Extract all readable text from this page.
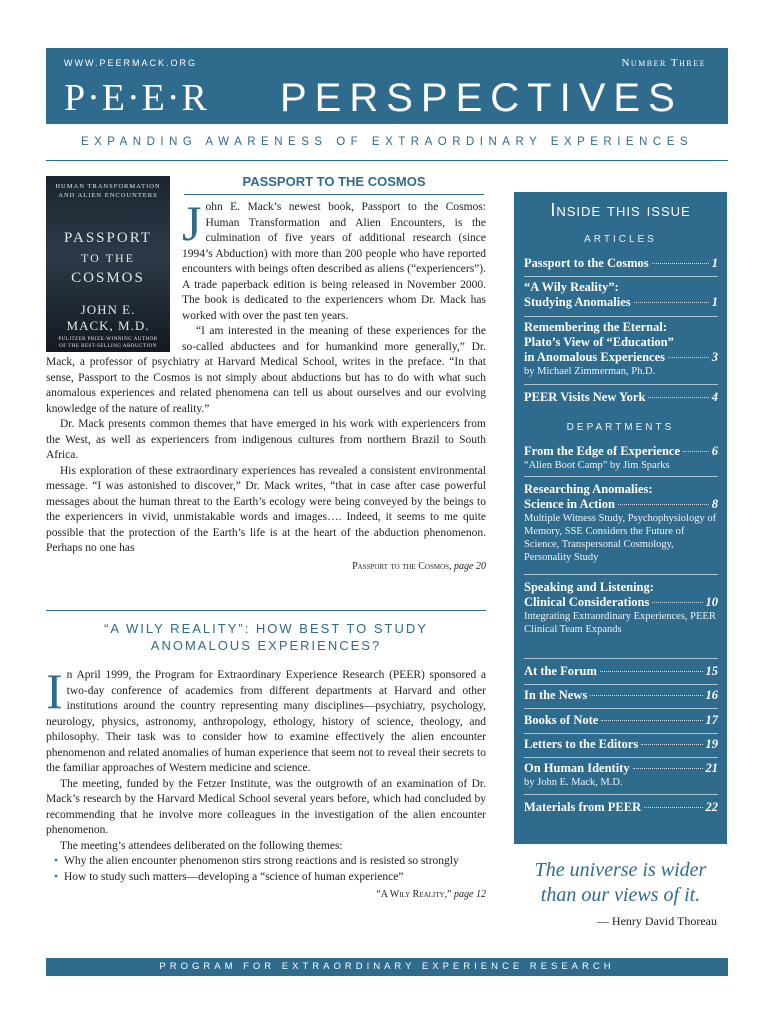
WWW.PEERMACK.ORG	Number Three
P·E·E·R PERSPECTIVES
EXPANDING AWARENESS OF EXTRAORDINARY EXPERIENCES
PASSPORT TO THE COSMOS
HUMAN TRANSFORMATION
AND ALIEN ENCOUNTERS
PASSPORT
TO THE
COSMOS
JOHN E.
MACK, M.D.
PULITZER PRIZE-WINNING AUTHOR
OF THE BEST-SELLING ABDUCTION

John E. Mack’s newest book, Passport to the Cosmos: Human Transformation and Alien Encounters, is the culmination of five years of additional research (since 1994’s Abduction) with more than 200 people who have reported encounters with beings often described as aliens (“experiencers”). A trade paperback edition is being released in November 2000. The book is dedicated to the experiencers whom Dr. Mack has worked with over the past ten years.

“I am interested in the meaning of these experiences for the so-called abductees and for humankind more generally,” Dr. Mack, a professor of psychiatry at Harvard Medical School, writes in the preface. “In that sense, Passport to the Cosmos is not simply about abductions but has to do with what such anomalous experiences and related phenomena can tell us about ourselves and our evolving knowledge of the nature of reality.”

Dr. Mack presents common themes that have emerged in his work with experiencers from the West, as well as experiencers from indigenous cultures from northern Brazil to South Africa.

His exploration of these extraordinary experiences has revealed a consistent environmental message. “I was astonished to discover,” Dr. Mack writes, “that in case after case powerful messages about the human threat to the Earth’s ecology were being conveyed by the beings to the experiencers in vivid, unmistakable words and images…. Indeed, it seems to me quite possible that the protection of the Earth’s life is at the heart of the abduction phenomenon. Perhaps no one has

Passport to the Cosmos, page 20
“A WILY REALITY”: HOW BEST TO STUDY
ANOMALOUS EXPERIENCES?

In April 1999, the Program for Extraordinary Experience Research (PEER) sponsored a two-day conference of academics from different departments at Harvard and other institutions around the country representing many disciplines—psychiatry, psychology, neurology, physics, astronomy, anthropology, ethology, history of science, theology, and philosophy. Their task was to consider how to examine effectively the alien encounter phenomenon and related anomalies of human experience that seem not to reveal their secrets to the familiar approaches of Western medicine and science.

The meeting, funded by the Fetzer Institute, was the outgrowth of an examination of Dr. Mack’s research by the Harvard Medical School several years before, which had concluded by recommending that he involve more colleagues in the investigation of the alien encounter phenomenon.

The meeting’s attendees deliberated on the following themes:

• Why the alien encounter phenomenon stirs strong reactions and is resisted so strongly
• How to study such matters—developing a “science of human experience”
“A Wily Reality,” page 12
Inside this issue
ARTICLES
Passport to the Cosmos	1
“A Wily Reality”:
Studying Anomalies	1
Remembering the Eternal:
Plato’s View of “Education”
in Anomalous Experiences	3
by Michael Zimmerman, Ph.D.
PEER Visits New York	4
DEPARTMENTS
From the Edge of Experience	6
“Alien Boot Camp” by Jim Sparks
Researching Anomalies:
Science in Action	8
Multiple Witness Study, Psychophysiology of Memory, SSE Considers the Future of Science, Transpersonal Cosmology, Personality Study
Speaking and Listening:
Clinical Considerations	10
Integrating Extraordinary Experiences, PEER Clinical Team Expands
At the Forum	15
In the News	16
Books of Note	17
Letters to the Editors	19
On Human Identity	21
by John E. Mack, M.D.
Materials from PEER	22
The universe is wider
than our views of it.
— Henry David Thoreau
PROGRAM FOR EXTRAORDINARY EXPERIENCE RESEARCH
